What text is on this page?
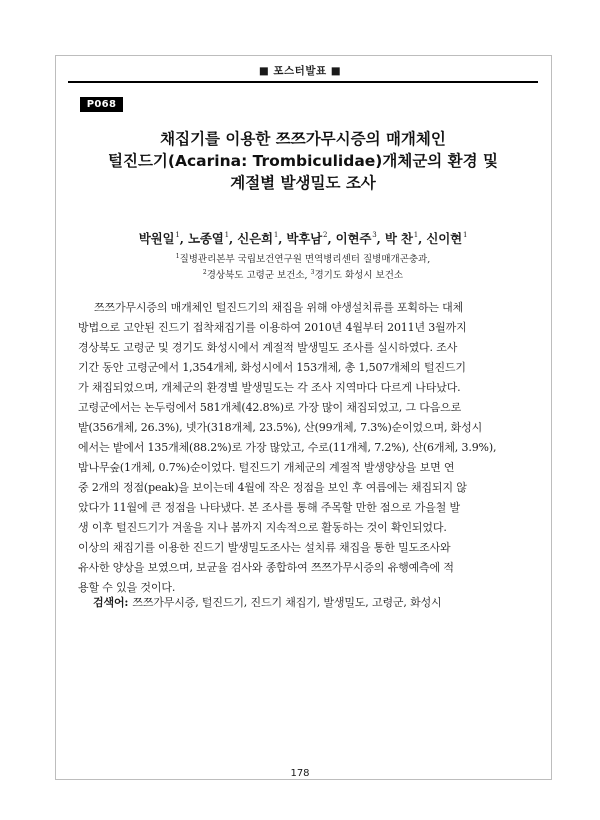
■ 포스터발표 ■
P068
채집기를 이용한 쯔쯔가무시증의 매개체인
털진드기(Acarina: Trombiculidae)개체군의 환경 및
계절별 발생밀도 조사
박원일$^1$, 노종열$^1$, 신은희$^1$, 박후남$^2$, 이현주$^3$, 박 찬$^1$, 신이현$^1$
$^1$질병관리본부 국립보건연구원 면역병리센터 질병매개곤충과,
$^2$경상북도 고령군 보건소, $^3$경기도 화성시 보건소
쯔쯔가무시증의 매개체인 털진드기의 채집을 위해 야생설치류를 포획하는 대체
방법으로 고안된 진드기 접착채집기를 이용하여 2010년 4월부터 2011년 3월까지
경상북도 고령군 및 경기도 화성시에서 계절적 발생밀도 조사를 실시하였다. 조사
기간 동안 고령군에서 1,354개체, 화성시에서 153개체, 총 1,507개체의 털진드기
가 채집되었으며, 개체군의 환경별 발생밀도는 각 조사 지역마다 다르게 나타났다.
고령군에서는 논두렁에서 581개체(42.8%)로 가장 많이 채집되었고, 그 다음으로
밭(356개체, 26.3%), 넷가(318개체, 23.5%), 산(99개체, 7.3%)순이었으며, 화성시
에서는 밭에서 135개체(88.2%)로 가장 많았고, 수로(11개체, 7.2%), 산(6개체, 3.9%),
밤나무숲(1개체, 0.7%)순이었다. 털진드기 개체군의 계절적 발생양상을 보면 연
중 2개의 정점(peak)을 보이는데 4월에 작은 정점을 보인 후 여름에는 채집되지 않
았다가 11월에 큰 정점을 나타냈다. 본 조사를 통해 주목할 만한 점으로 가을철 발
생 이후 털진드기가 겨울을 지나 봄까지 지속적으로 활동하는 것이 확인되었다.
이상의 채집기를 이용한 진드기 발생밀도조사는 설치류 채집을 통한 밀도조사와
유사한 양상을 보였으며, 보균율 검사와 종합하여 쯔쯔가무시증의 유행예측에 적
용할 수 있을 것이다.
검색어: 쯔쯔가무시증, 털진드기, 진드기 채집기, 발생밀도, 고령군, 화성시
178
